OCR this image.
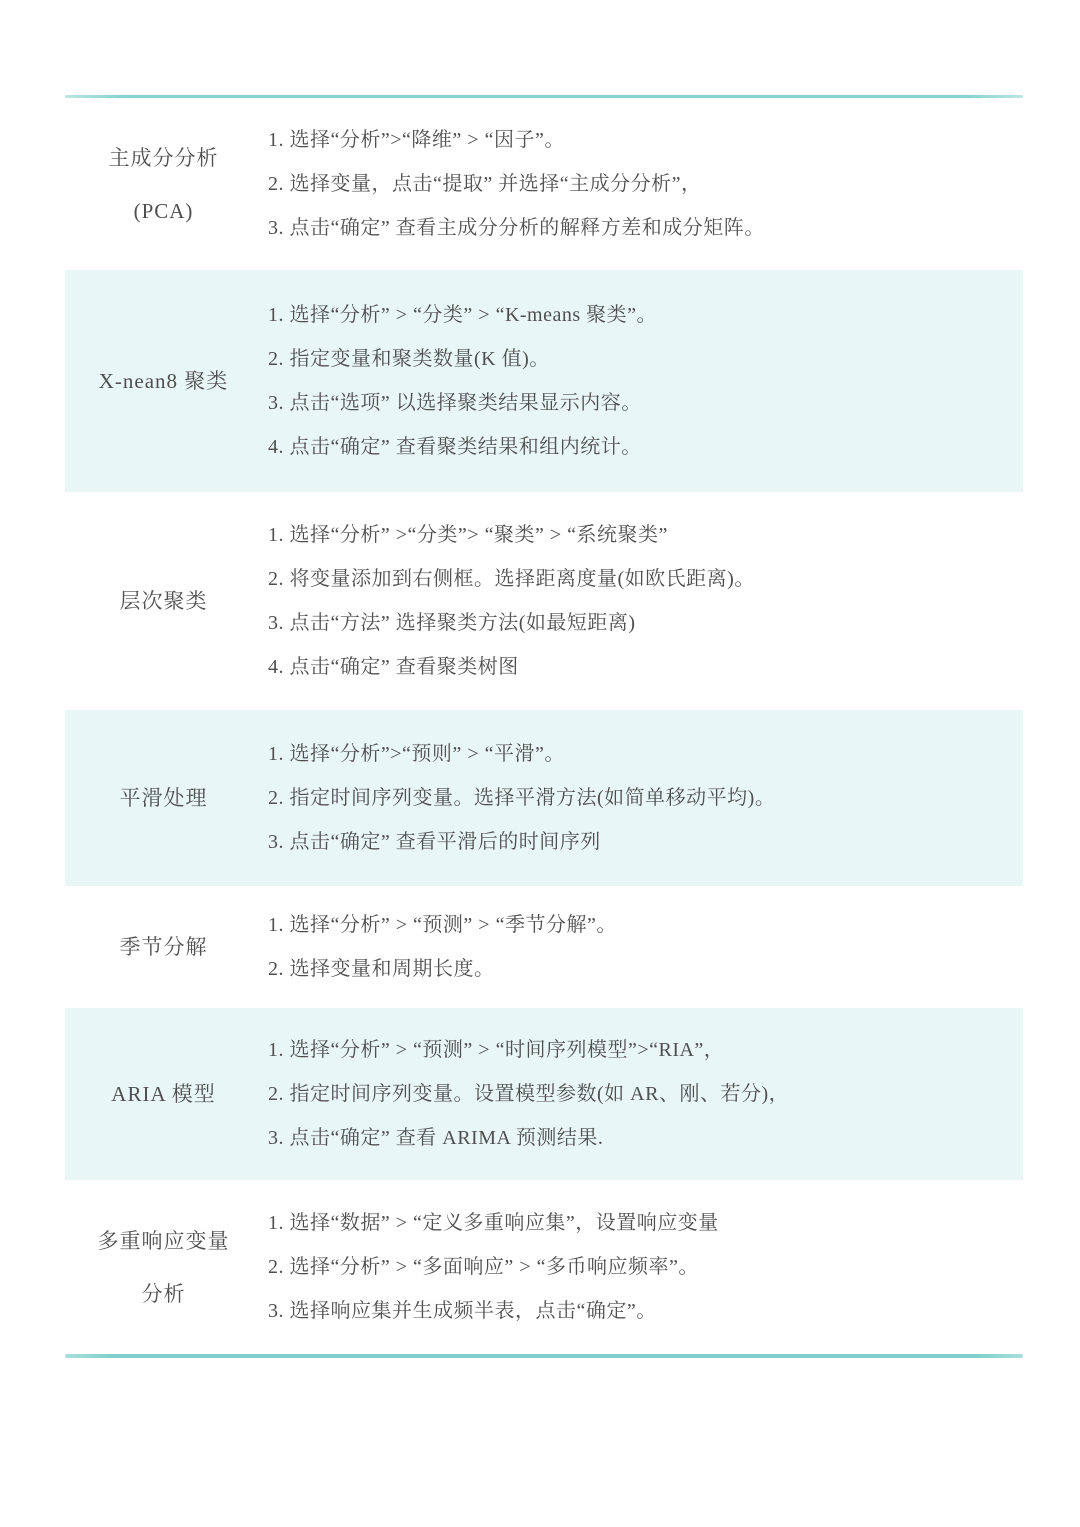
主成分分析
(PCA)
1. 选择“分析”>“降维” > “因子”。
2. 选择变量，点击“提取” 并选择“主成分分析”，
3. 点击“确定” 查看主成分分析的解释方差和成分矩阵。
X-nean8 聚类
1. 选择“分析” > “分类” > “K-means 聚类”。
2. 指定变量和聚类数量(K 值)。
3. 点击“选项” 以选择聚类结果显示内容。
4. 点击“确定” 查看聚类结果和组内统计。
层次聚类
1. 选择“分析” >“分类”> “聚类” > “系统聚类”
2. 将变量添加到右侧框。选择距离度量(如欧氏距离)。
3. 点击“方法” 选择聚类方法(如最短距离)
4. 点击“确定” 查看聚类树图
平滑处理
1. 选择“分析”>“预则” > “平滑”。
2. 指定时间序列变量。选择平滑方法(如简单移动平均)。
3. 点击“确定” 查看平滑后的时间序列
季节分解
1. 选择“分析” > “预测” > “季节分解”。
2. 选择变量和周期长度。
ARIA 模型
1. 选择“分析” > “预测” > “时间序列模型”>“RIA”，
2. 指定时间序列变量。设置模型参数(如 AR、刚、若分)，
3. 点击“确定” 查看 ARIMA 预测结果.
多重响应变量
分析
1. 选择“数据” > “定义多重响应集”，设置响应变量
2. 选择“分析” > “多面响应” > “多币响应频率”。
3. 选择响应集并生成频半表，点击“确定”。
